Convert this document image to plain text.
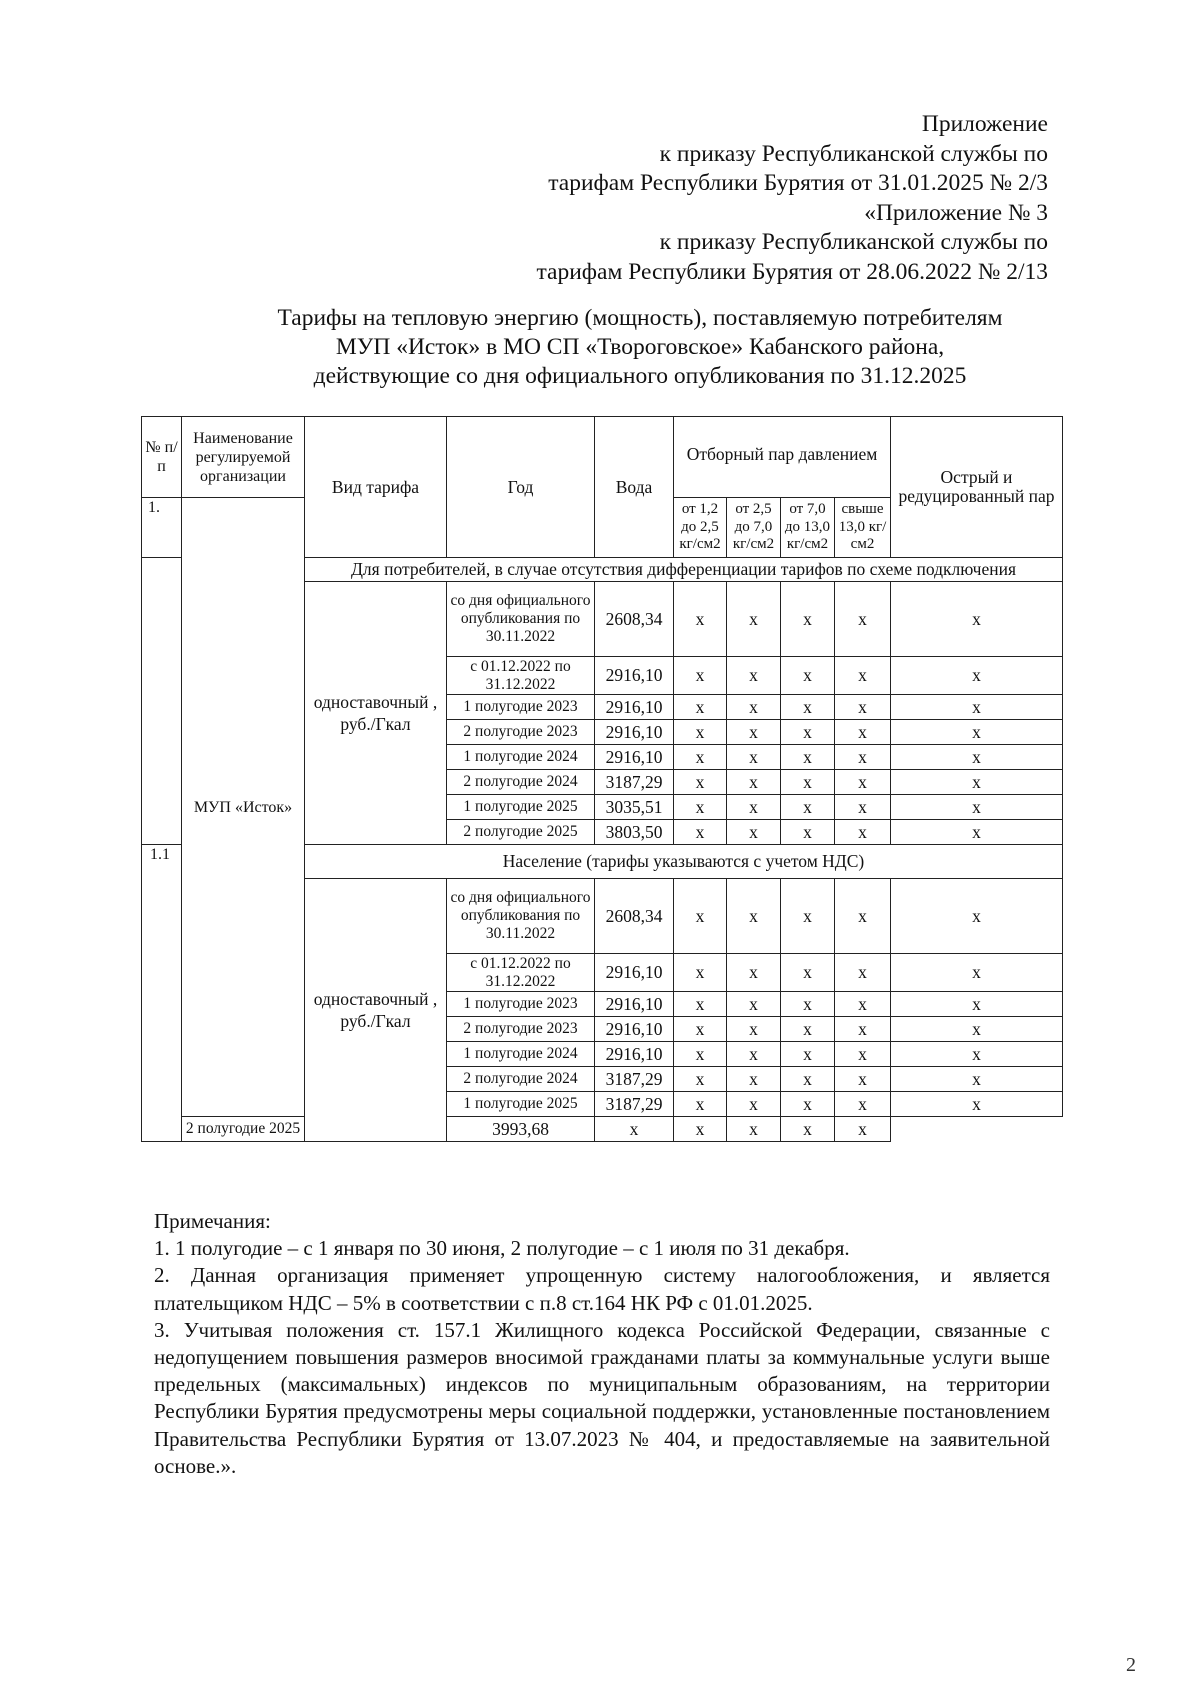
Приложение
к приказу Республиканской службы по
тарифам Республики Бурятия от 31.01.2025 № 2/3
«Приложение № 3
к приказу Республиканской службы по
тарифам Республики Бурятия от 28.06.2022 № 2/13
Тарифы на тепловую энергию (мощность), поставляемую потребителям
МУП «Исток» в МО СП «Твороговское» Кабанского района,
действующие со дня официального опубликования по 31.12.2025
№ п/п	Наименование регулируемой организации	Вид тарифа	Год	Вода	Отборный пар давлением				Острый и редуцированный пар
1.	МУП «Исток»				от 1,2 до 2,5 кг/см2	от 2,5 до 7,0 кг/см2	от 7,0 до 13,0 кг/см2	свыше 13,0 кг/см2	
		Для потребителей, в случае отсутствия дифференциации тарифов по схеме подключения							
		одноставочный , руб./Гкал	со дня официального опубликования по 30.11.2022	2608,34	х	х	х	х	х
			с 01.12.2022 по 31.12.2022	2916,10	х	х	х	х	х
			1 полугодие 2023	2916,10	х	х	х	х	х
			2 полугодие 2023	2916,10	х	х	х	х	х
			1 полугодие 2024	2916,10	х	х	х	х	х
			2 полугодие 2024	3187,29	х	х	х	х	х
			1 полугодие 2025	3035,51	х	х	х	х	х
			2 полугодие 2025	3803,50	х	х	х	х	х
1.1		Население (тарифы указываются с учетом НДС)							
		одноставочный , руб./Гкал	со дня официального опубликования по 30.11.2022	2608,34	х	х	х	х	х
			с 01.12.2022 по 31.12.2022	2916,10	х	х	х	х	х
			1 полугодие 2023	2916,10	х	х	х	х	х
			2 полугодие 2023	2916,10	х	х	х	х	х
			1 полугодие 2024	2916,10	х	х	х	х	х
			2 полугодие 2024	3187,29	х	х	х	х	х
			1 полугодие 2025	3187,29	х	х	х	х	х
	2 полугодие 2025		3993,68	х	х	х	х	х	

Примечания:

1. 1 полугодие – с 1 января по 30 июня, 2 полугодие – с 1 июля по 31 декабря.

2. Данная организация применяет упрощенную систему налогообложения, и является плательщиком НДС – 5% в соответствии с п.8 ст.164 НК РФ с 01.01.2025.

3. Учитывая положения ст. 157.1 Жилищного кодекса Российской Федерации, связанные с недопущением повышения размеров вносимой гражданами платы за коммунальные услуги выше предельных (максимальных) индексов по муниципальным образованиям, на территории Республики Бурятия предусмотрены меры социальной поддержки, установленные постановлением Правительства Республики Бурятия от 13.07.2023 № 404, и предоставляемые на заявительной основе.».

2
